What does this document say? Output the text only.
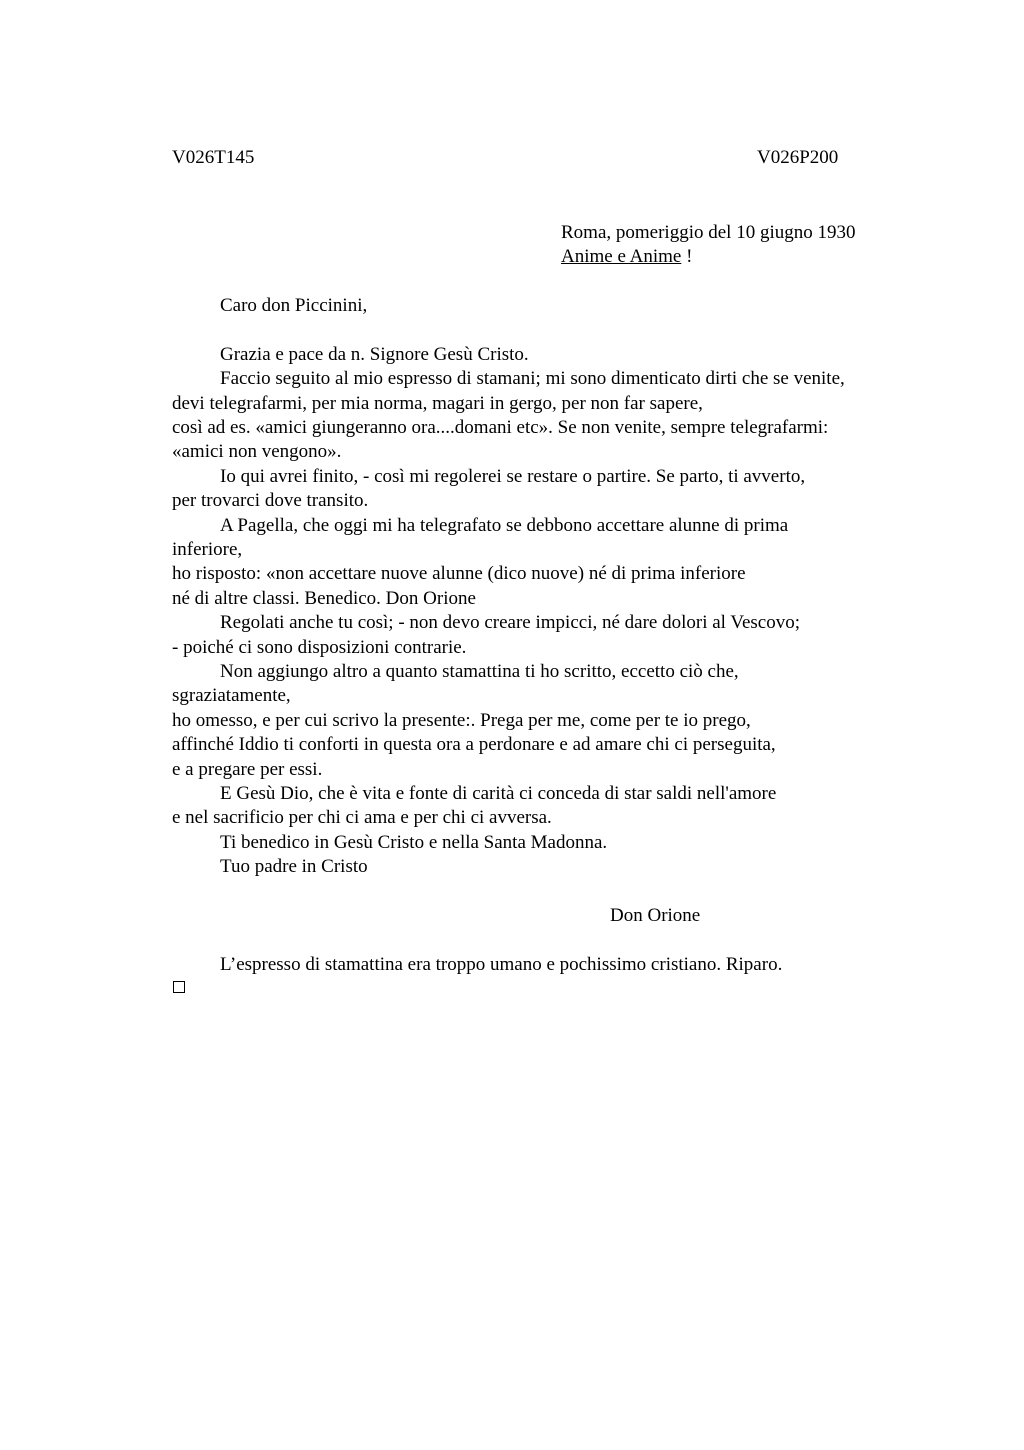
V026T145	V026P200
Roma, pomeriggio del 10 giugno 1930
Anime e Anime !
Caro don Piccinini,
Grazia e pace da n. Signore Gesù Cristo.
Faccio seguito al mio espresso di stamani; mi sono dimenticato dirti che se venite,
devi telegrafarmi, per mia norma, magari in gergo, per non far sapere,
così ad es. «amici giungeranno ora....domani etc». Se non venite, sempre telegrafarmi:
«amici non vengono».
Io qui avrei finito, - così mi regolerei se restare o partire. Se parto, ti avverto,
per trovarci dove transito.
A Pagella, che oggi mi ha telegrafato se debbono accettare alunne di prima
inferiore,
ho risposto: «non accettare nuove alunne (dico nuove) né di prima inferiore
né di altre classi. Benedico. Don Orione
Regolati anche tu così; - non devo creare impicci, né dare dolori al Vescovo;
- poiché ci sono disposizioni contrarie.
Non aggiungo altro a quanto stamattina ti ho scritto, eccetto ciò che,
sgraziatamente,
ho omesso, e per cui scrivo la presente:. Prega per me, come per te io prego,
affinché Iddio ti conforti in questa ora a perdonare e ad amare chi ci perseguita,
e a pregare per essi.
E Gesù Dio, che è vita e fonte di carità ci conceda di star saldi nell'amore
e nel sacrificio per chi ci ama e per chi ci avversa.
Ti benedico in Gesù Cristo e nella Santa Madonna.
Tuo padre in Cristo
Don Orione
L’espresso di stamattina era troppo umano e pochissimo cristiano. Riparo.
